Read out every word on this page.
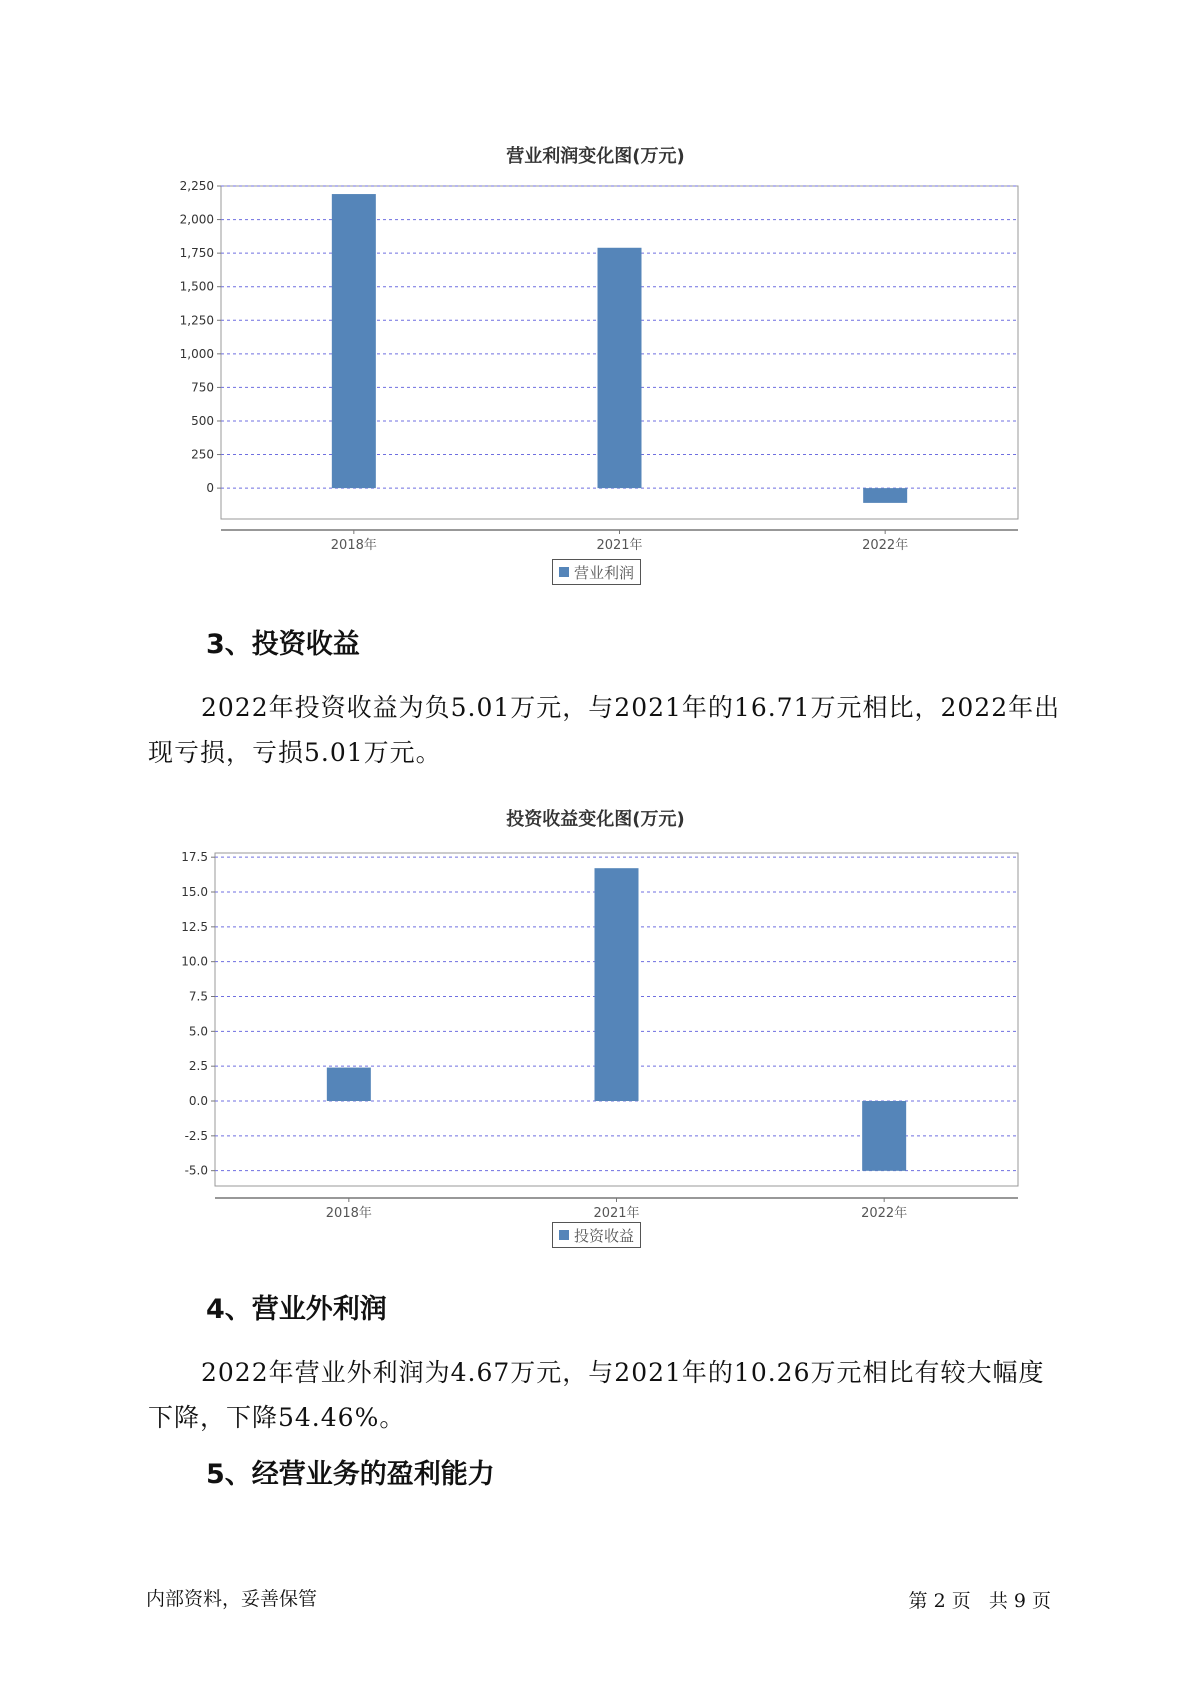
营业利润变化图(万元)
0
250
500
750
1,000
1,250
1,500
1,750
2,000
2,250
2018年	2021年	2022年
营业利润
3、投资收益
2022年投资收益为负5.01万元，与2021年的16.71万元相比，2022年出现亏损，亏损5.01万元。
投资收益变化图(万元)
-5.0
-2.5
0.0
2.5
5.0
7.5
10.0
12.5
15.0
17.5
2018年	2021年	2022年
投资收益
4、营业外利润
2022年营业外利润为4.67万元，与2021年的10.26万元相比有较大幅度下降，下降54.46%。
5、经营业务的盈利能力
内部资料，妥善保管	第 2 页   共 9 页
